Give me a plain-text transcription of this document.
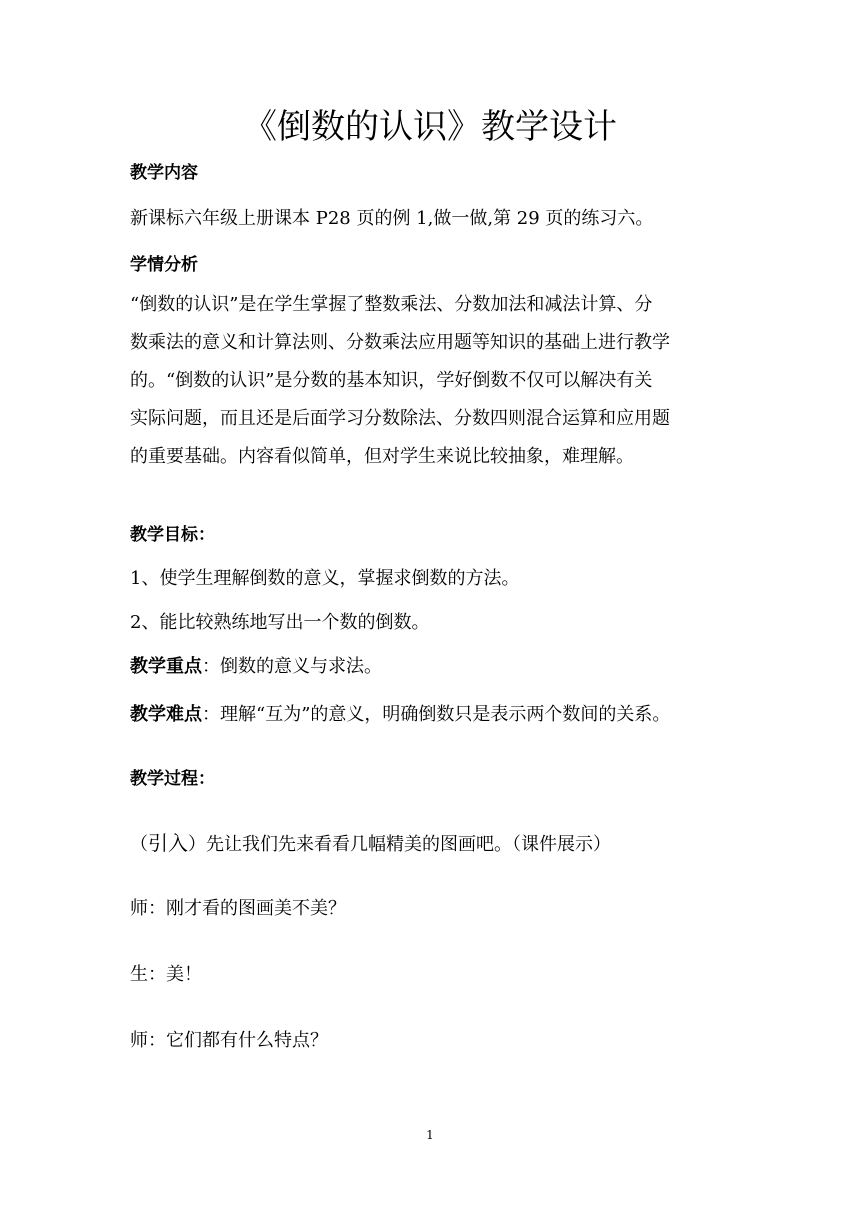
《倒数的认识》教学设计
教学内容
新课标六年级上册课本 P28 页的例 1,做一做,第 29 页的练习六。
学情分析
“倒数的认识”是在学生掌握了整数乘法、分数加法和减法计算、分
数乘法的意义和计算法则、分数乘法应用题等知识的基础上进行教学
的。“倒数的认识”是分数的基本知识，学好倒数不仅可以解决有关
实际问题，而且还是后面学习分数除法、分数四则混合运算和应用题
的重要基础。内容看似简单，但对学生来说比较抽象，难理解。
教学目标：
1、使学生理解倒数的意义，掌握求倒数的方法。
2、能比较熟练地写出一个数的倒数。
教学重点：倒数的意义与求法。
教学难点：理解“互为”的意义，明确倒数只是表示两个数间的关系。
教学过程：
（引入）先让我们先来看看几幅精美的图画吧。（课件展示）
师：刚才看的图画美不美？
生：美！
师：它们都有什么特点？
1
